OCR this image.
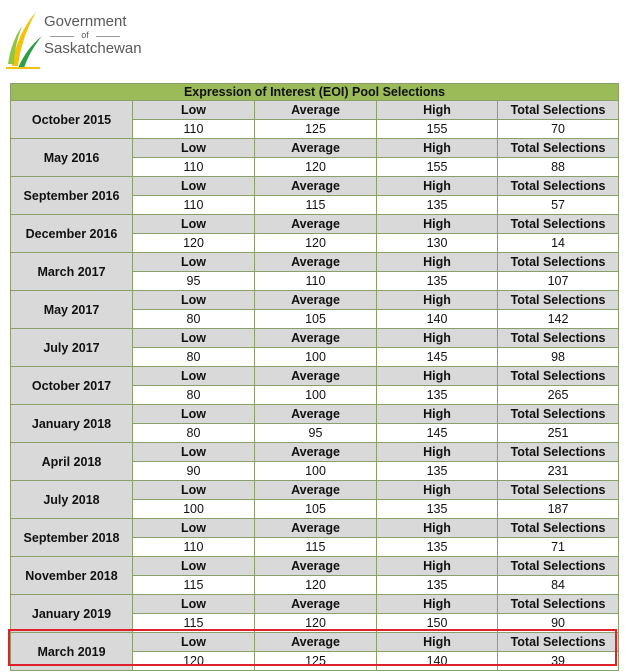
Government
of
Saskatchewan
Expression of Interest (EOI) Pool Selections				
October 2015	Low	Average	High	Total Selections
	110	125	155	70
May 2016	Low	Average	High	Total Selections
	110	120	155	88
September 2016	Low	Average	High	Total Selections
	110	115	135	57
December 2016	Low	Average	High	Total Selections
	120	120	130	14
March 2017	Low	Average	High	Total Selections
	95	110	135	107
May 2017	Low	Average	High	Total Selections
	80	105	140	142
July 2017	Low	Average	High	Total Selections
	80	100	145	98
October 2017	Low	Average	High	Total Selections
	80	100	135	265
January 2018	Low	Average	High	Total Selections
	80	95	145	251
April 2018	Low	Average	High	Total Selections
	90	100	135	231
July 2018	Low	Average	High	Total Selections
	100	105	135	187
September 2018	Low	Average	High	Total Selections
	110	115	135	71
November 2018	Low	Average	High	Total Selections
	115	120	135	84
January 2019	Low	Average	High	Total Selections
	115	120	150	90
March 2019	Low	Average	High	Total Selections
	120	125	140	39
